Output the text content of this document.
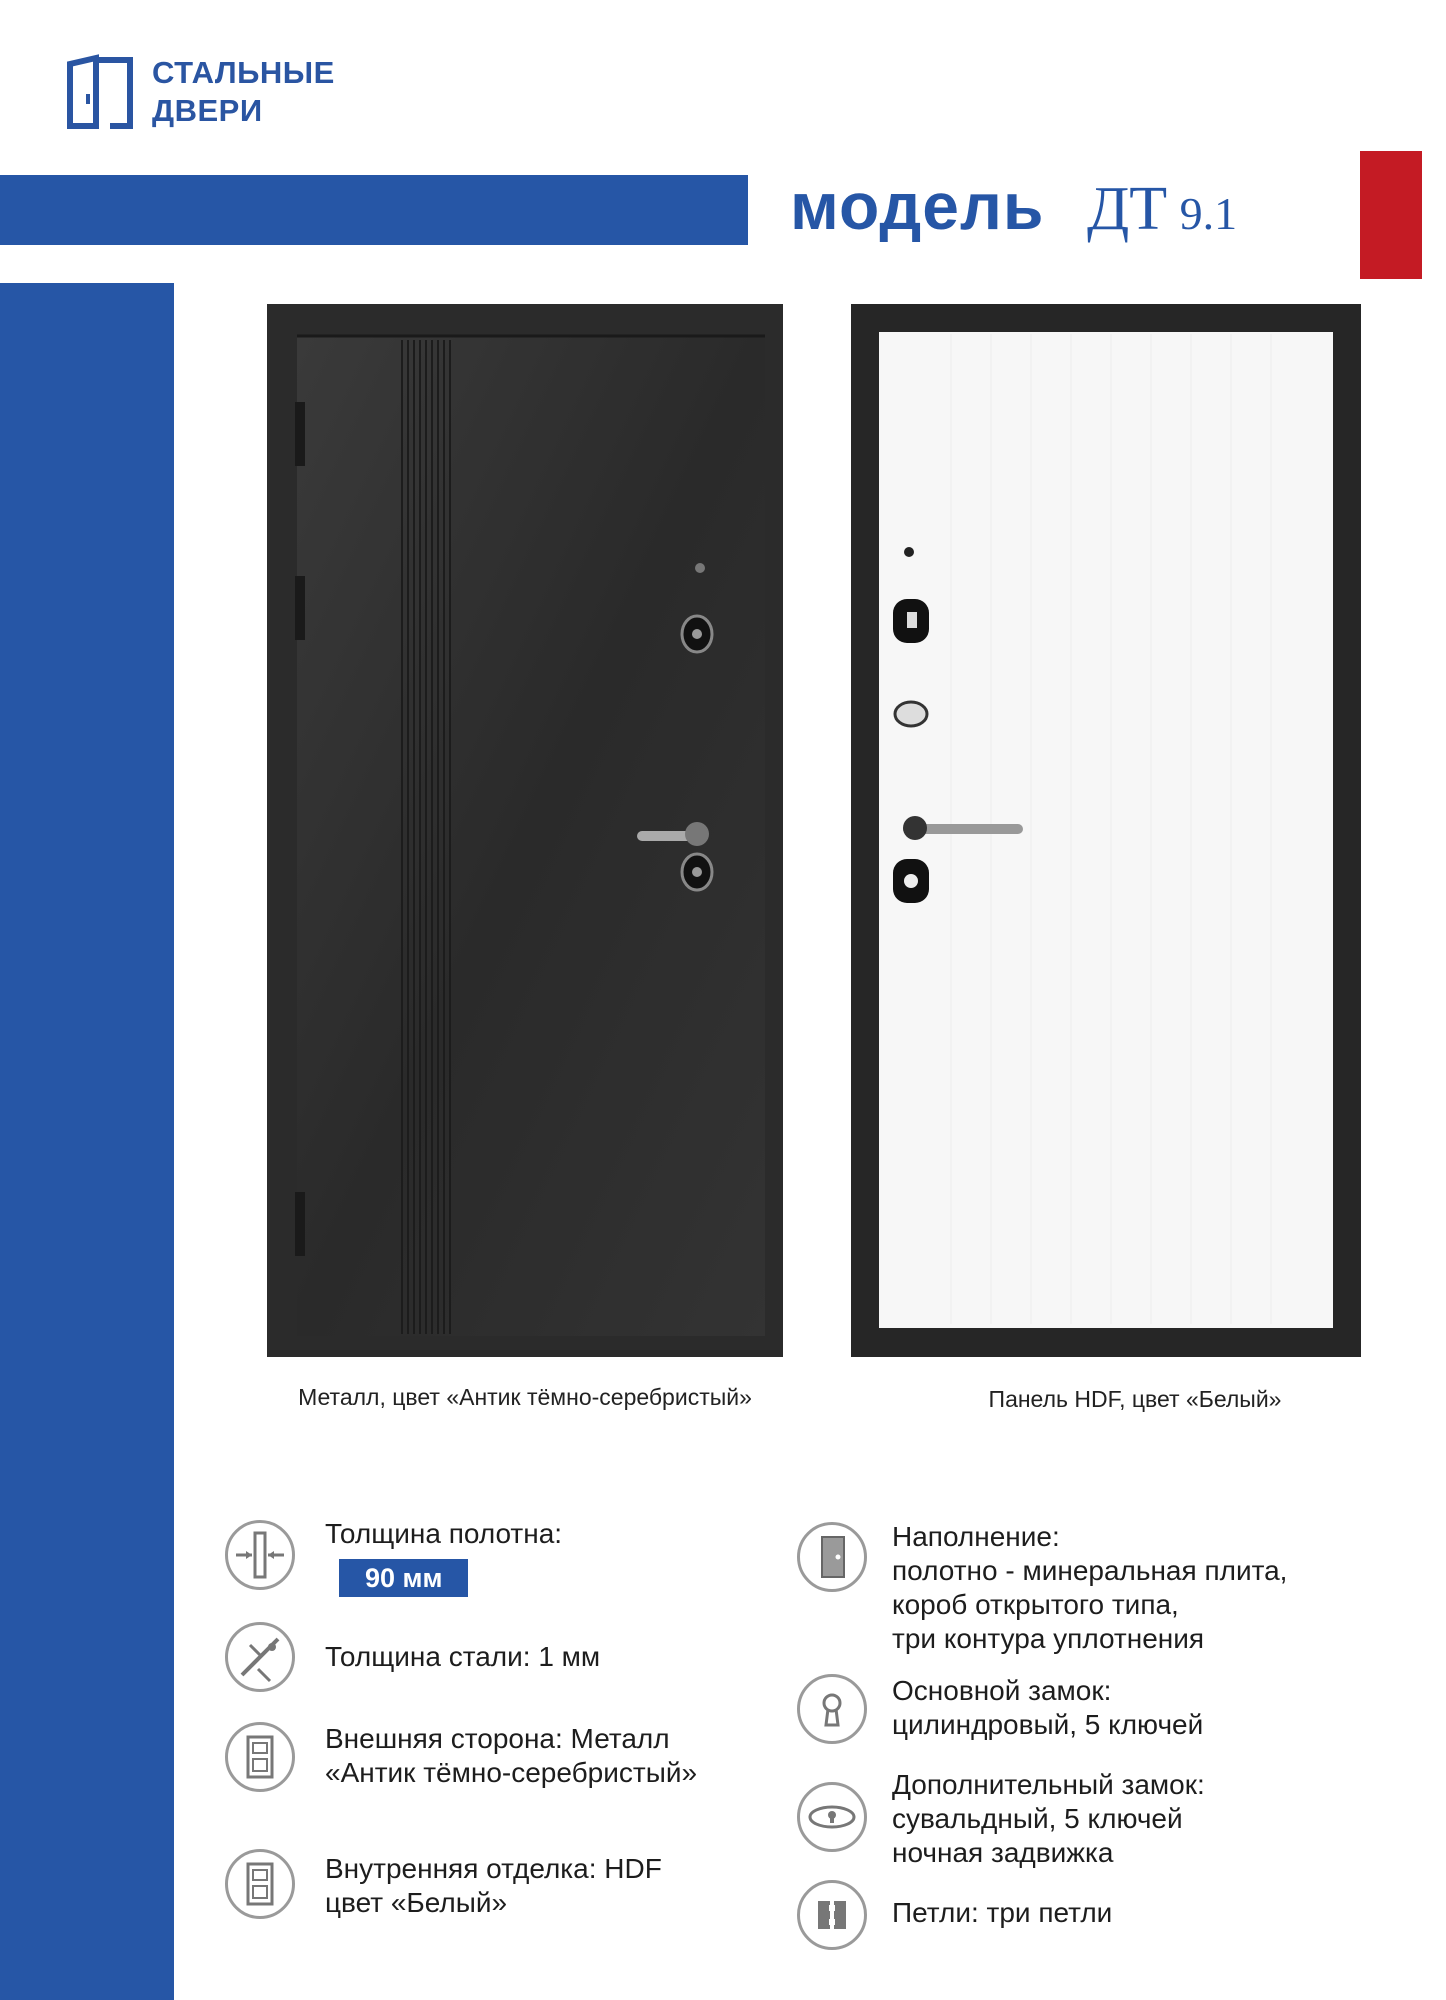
СТАЛЬНЫЕ
ДВЕРИ
модель ДТ 9.1
Металл, цвет «Антик тёмно-серебристый»	Панель HDF, цвет «Белый»
Толщина полотна:
90 мм
Толщина стали: 1 мм
Внешняя сторона: Металл
«Антик тёмно-серебристый»
Внутренняя отделка: HDF
цвет «Белый»
Наполнение:
полотно - минеральная плита,
короб открытого типа,
три контура уплотнения
Основной замок:
цилиндровый, 5 ключей
Дополнительный замок:
сувальдный, 5 ключей
ночная задвижка
Петли: три петли
